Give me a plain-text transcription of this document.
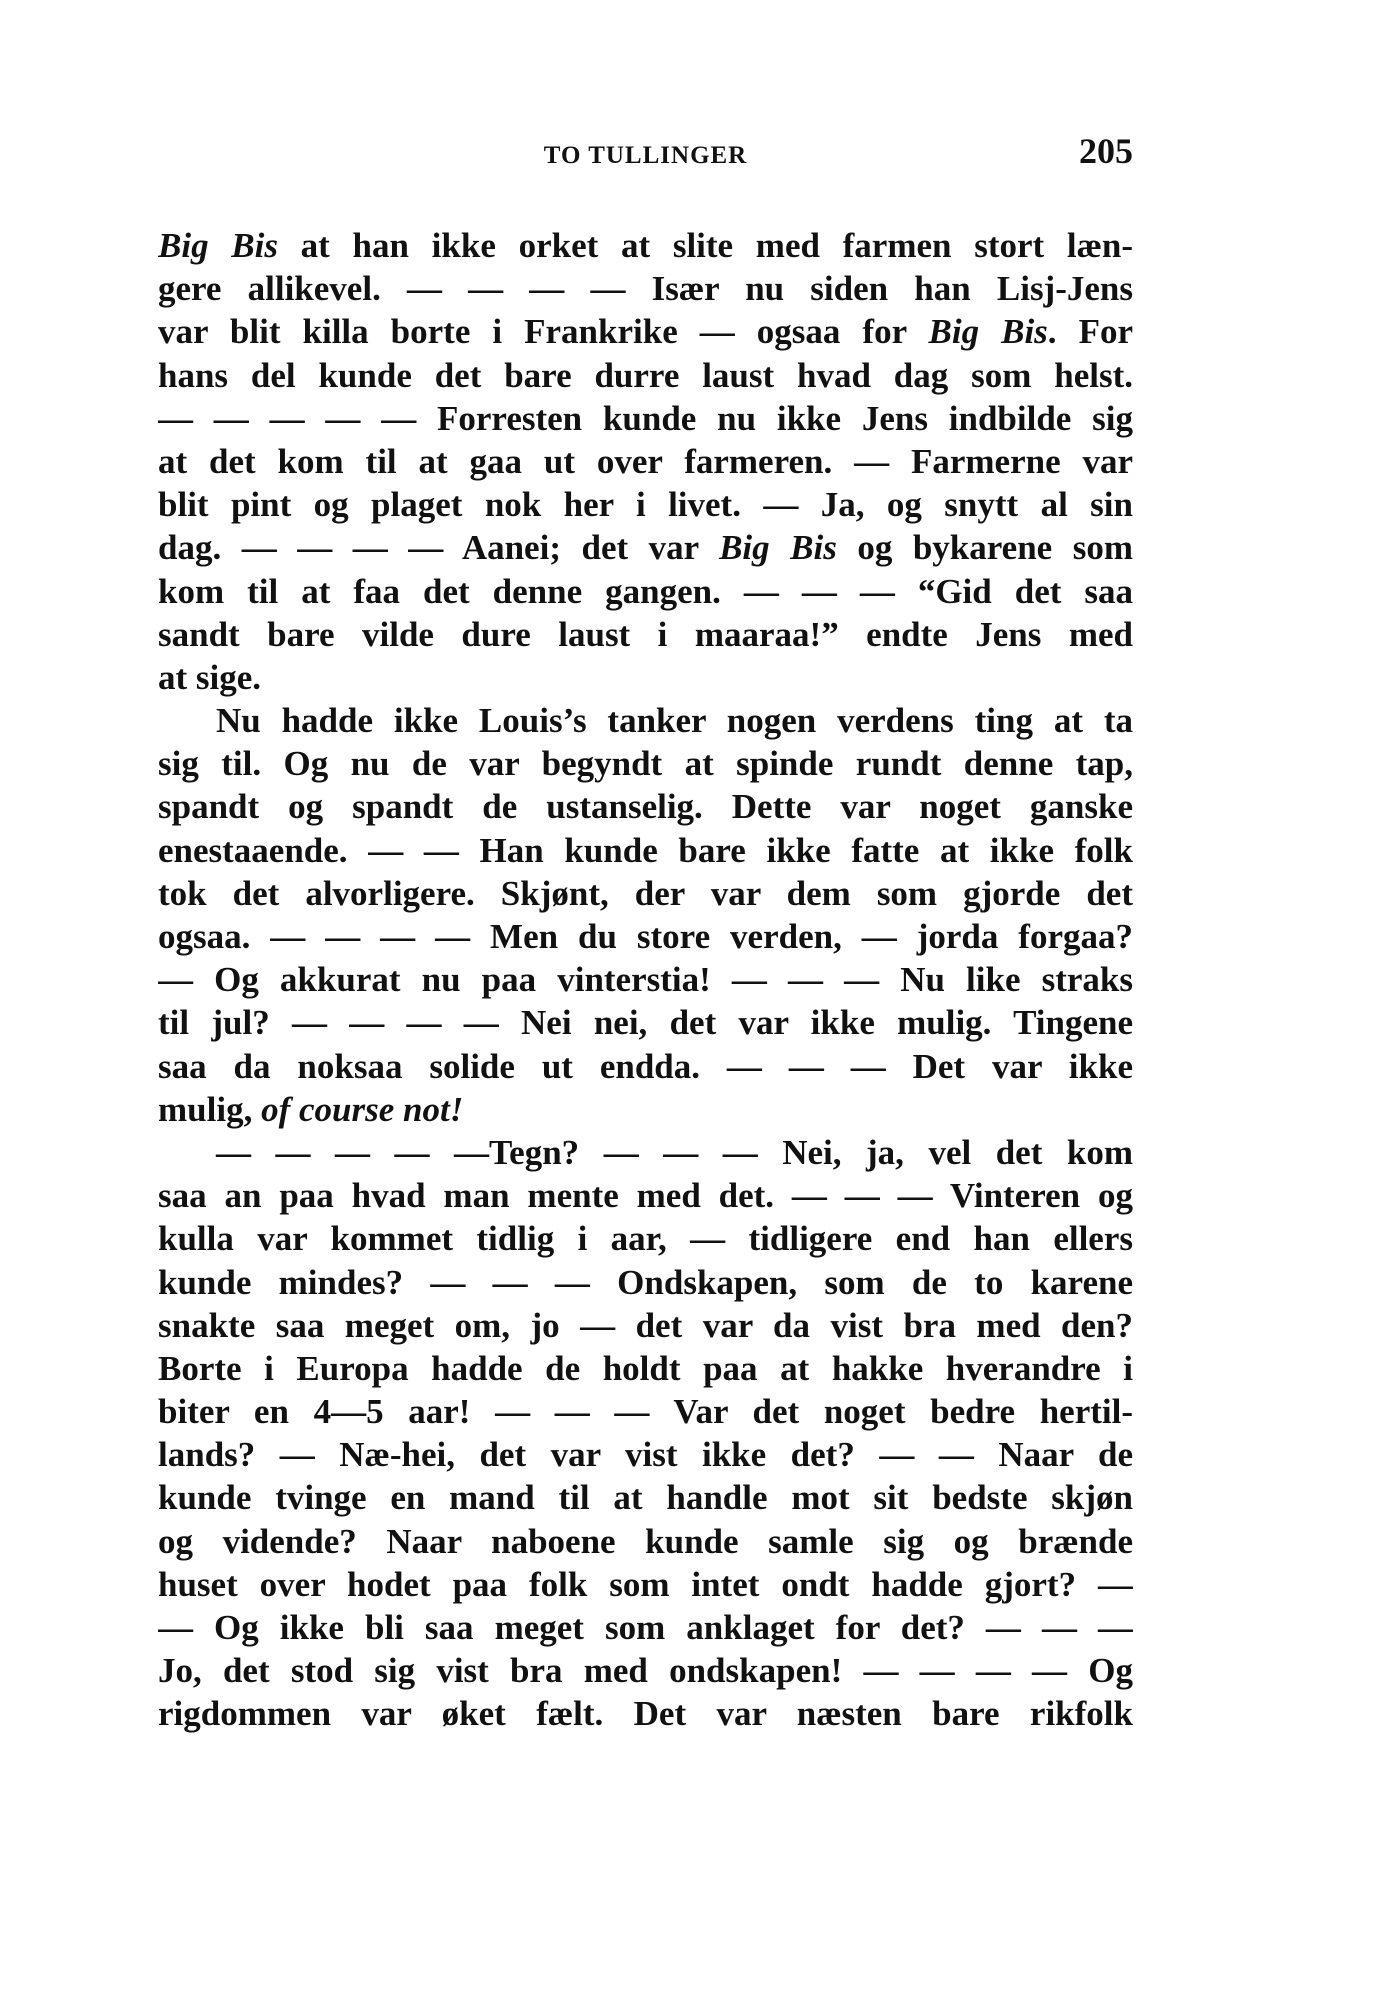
TO TULLINGER	205
Big Bis at han ikke orket at slite med farmen stort læn-
gere allikevel. — — — — Især nu siden han Lisj-Jens
var blit killa borte i Frankrike — ogsaa for Big Bis. For
hans del kunde det bare durre laust hvad dag som helst.
— — — — — Forresten kunde nu ikke Jens indbilde sig
at det kom til at gaa ut over farmeren. — Farmerne var
blit pint og plaget nok her i livet. — Ja, og snytt al sin
dag. — — — — Aanei; det var Big Bis og bykarene som
kom til at faa det denne gangen. — — — “Gid det saa
sandt bare vilde dure laust i maaraa!” endte Jens med
at sige.
Nu hadde ikke Louis’s tanker nogen verdens ting at ta
sig til. Og nu de var begyndt at spinde rundt denne tap,
spandt og spandt de ustanselig. Dette var noget ganske
enestaaende. — — Han kunde bare ikke fatte at ikke folk
tok det alvorligere. Skjønt, der var dem som gjorde det
ogsaa. — — — — Men du store verden, — jorda forgaa?
— Og akkurat nu paa vinterstia! — — — Nu like straks
til jul? — — — — Nei nei, det var ikke mulig. Tingene
saa da noksaa solide ut endda. — — — Det var ikke
mulig, of course not!
— — — — —Tegn? — — — Nei, ja, vel det kom
saa an paa hvad man mente med det. — — — Vinteren og
kulla var kommet tidlig i aar, — tidligere end han ellers
kunde mindes? — — — Ondskapen, som de to karene
snakte saa meget om, jo — det var da vist bra med den?
Borte i Europa hadde de holdt paa at hakke hverandre i
biter en 4—5 aar! — — — Var det noget bedre hertil-
lands? — Næ-hei, det var vist ikke det? — — Naar de
kunde tvinge en mand til at handle mot sit bedste skjøn
og vidende? Naar naboene kunde samle sig og brænde
huset over hodet paa folk som intet ondt hadde gjort? —
— Og ikke bli saa meget som anklaget for det? — — —
Jo, det stod sig vist bra med ondskapen! — — — — Og
rigdommen var øket fælt. Det var næsten bare rikfolk
